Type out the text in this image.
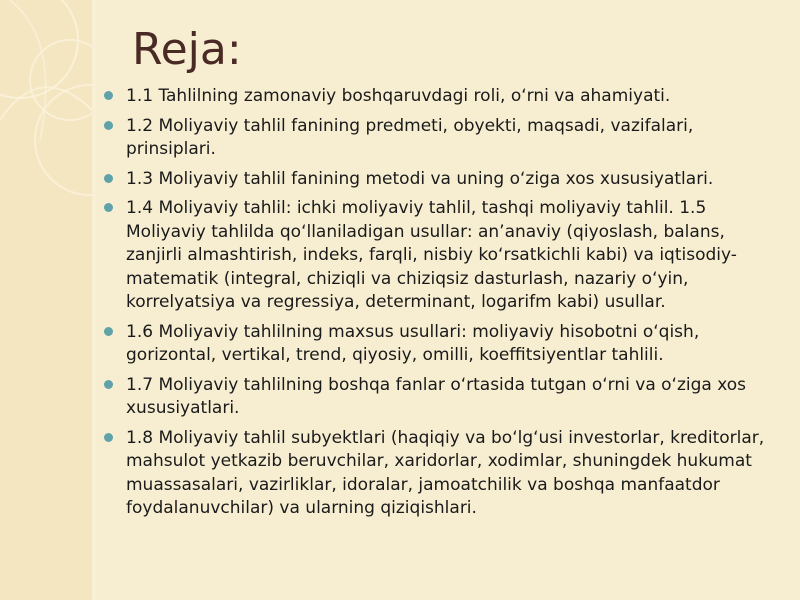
Reja:
1.1 Tahlilning zamonaviy boshqaruvdagi roli, o‘rni va ahamiyati.
1.2 Moliyaviy tahlil fanining predmeti, obyekti, maqsadi, vazifalari, prinsiplari.
1.3 Moliyaviy tahlil fanining metodi va uning o‘ziga xos xususiyatlari.
1.4 Moliyaviy tahlil: ichki moliyaviy tahlil, tashqi moliyaviy tahlil. 1.5 Moliyaviy tahlilda qo‘llaniladigan usullar: an’anaviy (qiyoslash, balans, zanjirli almashtirish, indeks, farqli, nisbiy ko‘rsatkichli kabi) va iqtisodiy-matematik (integral, chiziqli va chiziqsiz dasturlash, nazariy o‘yin, korrelyatsiya va regressiya, determinant, logarifm kabi) usullar.
1.6 Moliyaviy tahlilning maxsus usullari: moliyaviy hisobotni o‘qish, gorizontal, vertikal, trend, qiyosiy, omilli, koeffitsiyentlar tahlili.
1.7 Moliyaviy tahlilning boshqa fanlar o‘rtasida tutgan o‘rni va o‘ziga xos xususiyatlari.
1.8 Moliyaviy tahlil subyektlari (haqiqiy va bo‘lg‘usi investorlar, kreditorlar, mahsulot yetkazib beruvchilar, xaridorlar, xodimlar, shuningdek hukumat muassasalari, vazirliklar, idoralar, jamoatchilik va boshqa manfaatdor foydalanuvchilar) va ularning qiziqishlari.
